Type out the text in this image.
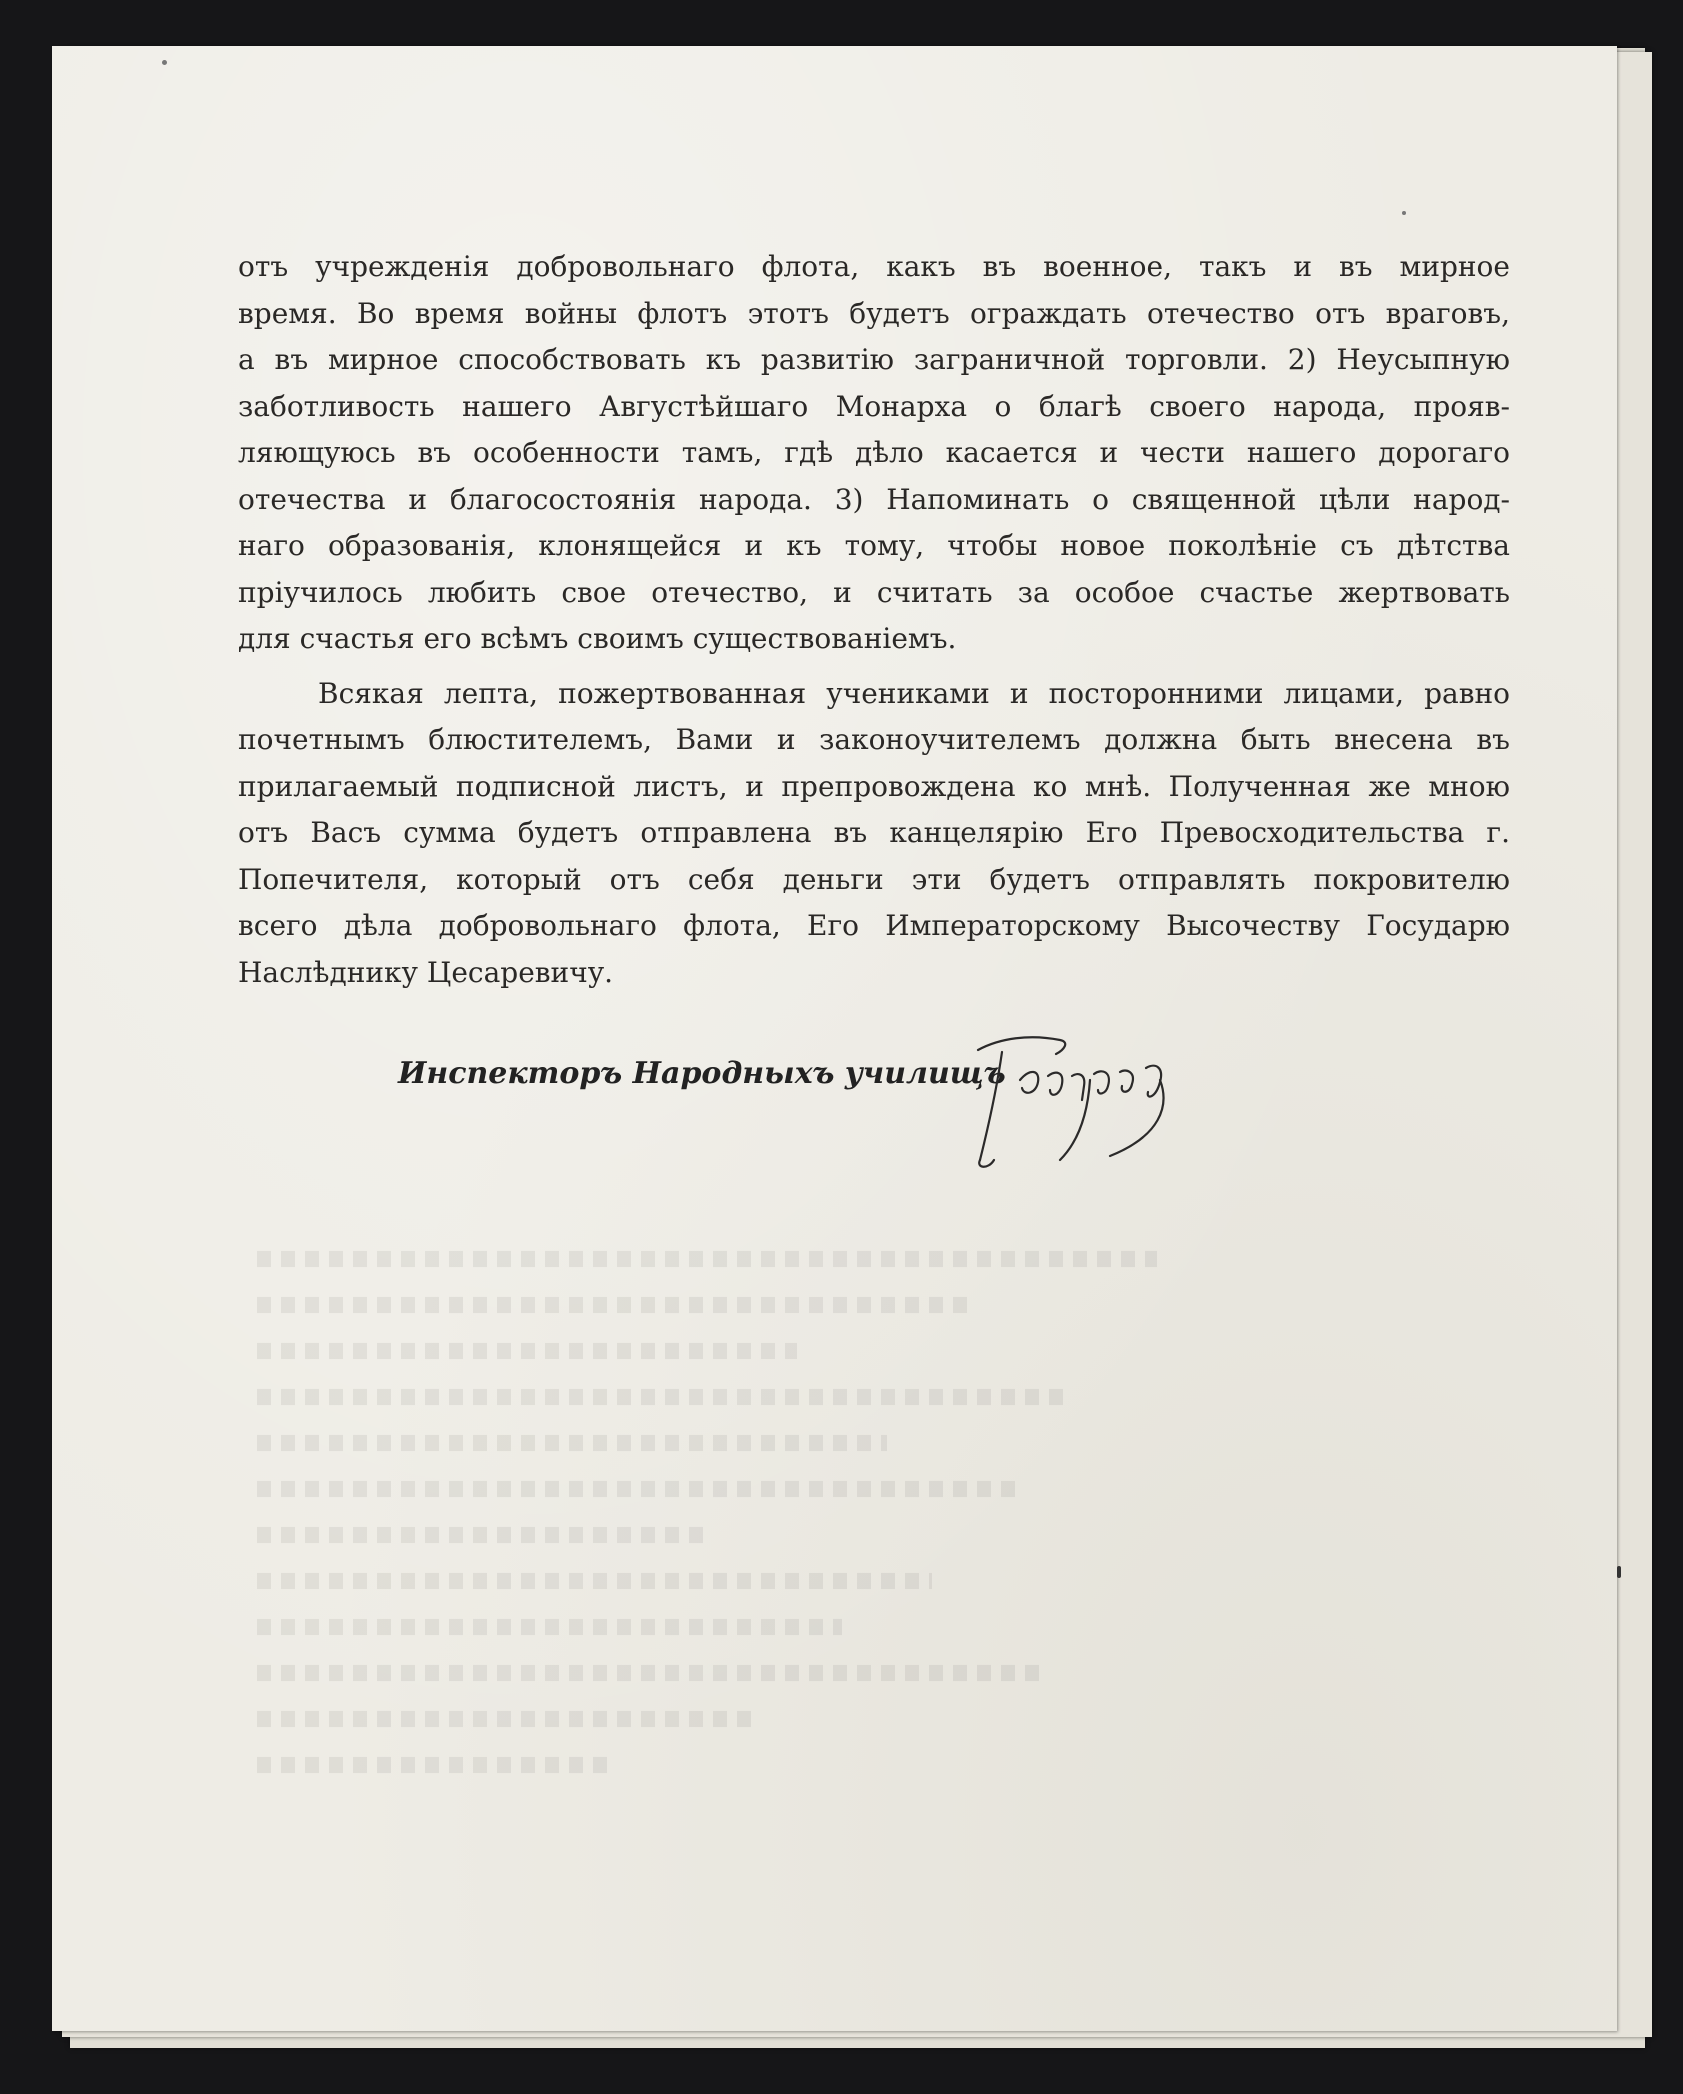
отъ учрежденія добровольнаго флота, какъ въ военное, такъ и въ мирное
время. Во время войны флотъ этотъ будетъ ограждать отечество отъ враговъ,
а въ мирное способствовать къ развитію заграничной торговли. 2) Неусыпную
заботливость нашего Августѣйшаго Монарха о благѣ своего народа, прояв-
ляющуюсь въ особенности тамъ, гдѣ дѣло касается и чести нашего дорогаго
отечества и благосостоянія народа. 3) Напоминать о священной цѣли народ-
наго образованія, клонящейся и къ тому, чтобы новое поколѣніе съ дѣтства
пріучилось любить свое отечество, и считать за особое счастье жертвовать
для счастья его всѣмъ своимъ существованіемъ.
Всякая лепта, пожертвованная учениками и посторонними лицами, равно
почетнымъ блюстителемъ, Вами и законоучителемъ должна быть внесена въ
прилагаемый подписной листъ, и препровождена ко мнѣ. Полученная же мною
отъ Васъ сумма будетъ отправлена въ канцелярію Его Превосходительства г.
Попечителя, который отъ себя деньги эти будетъ отправлять покровителю
всего дѣла добровольнаго флота, Его Императорскому Высочеству Государю
Наслѣднику Цесаревичу.
Инспекторъ Народныхъ училищъ
